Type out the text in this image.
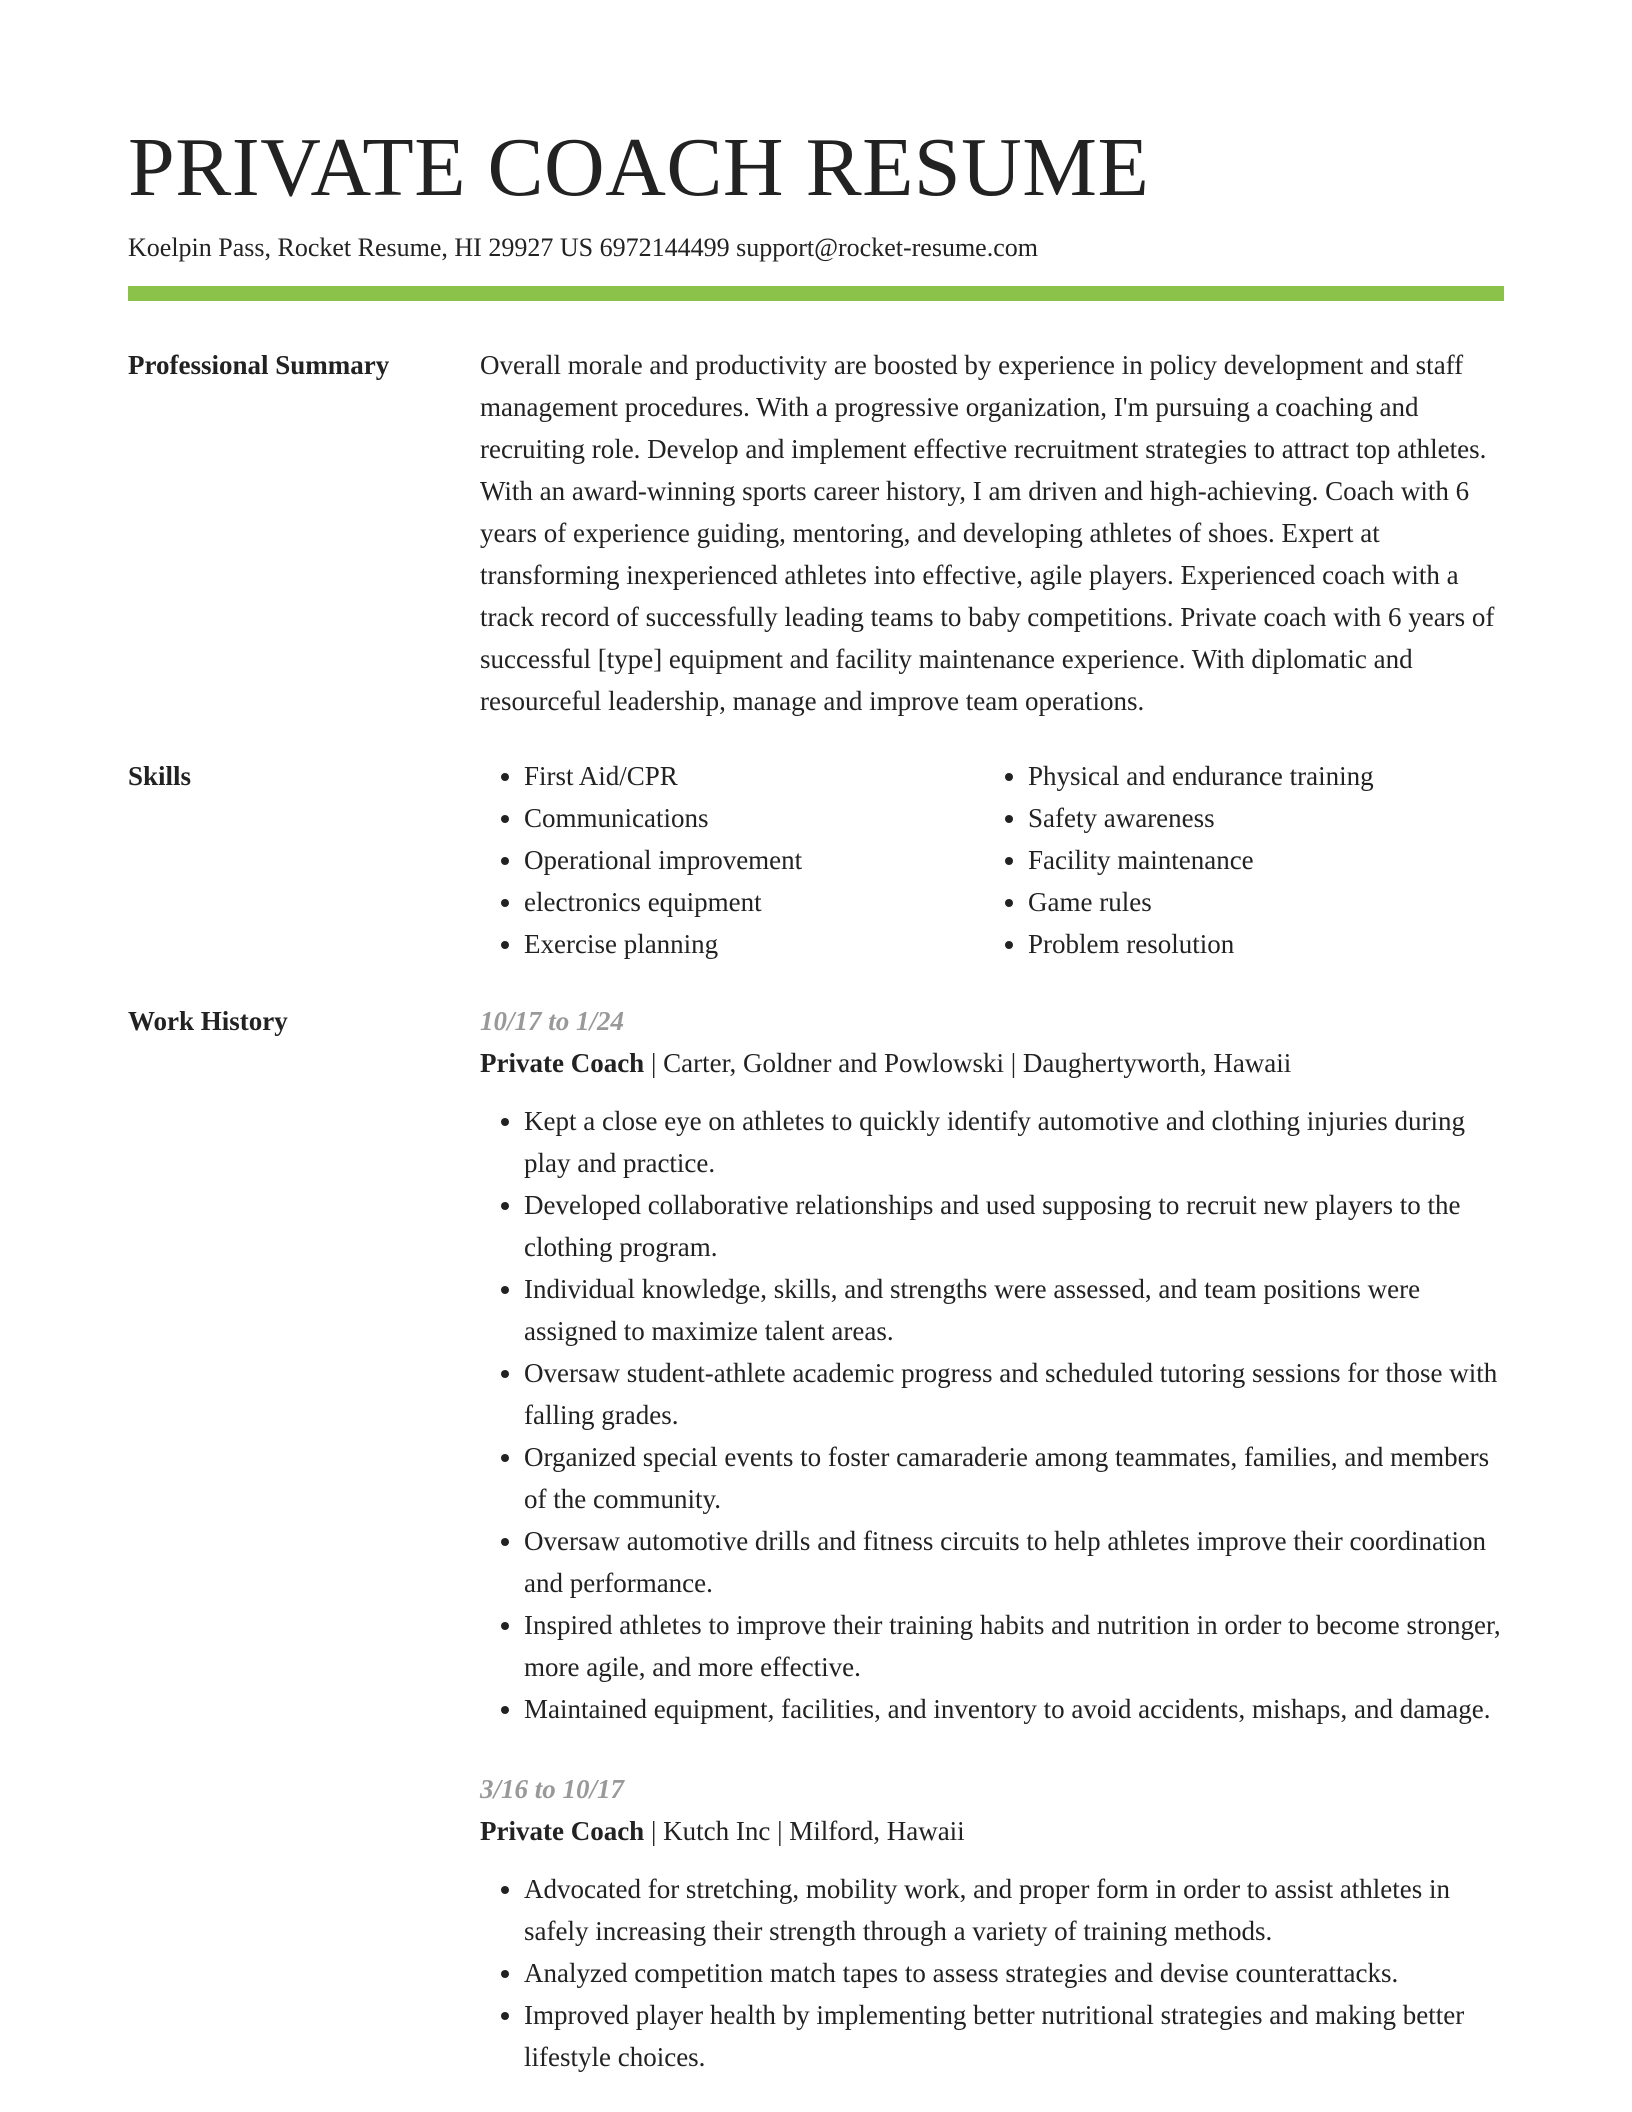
PRIVATE COACH RESUME
Koelpin Pass, Rocket Resume, HI 29927 US 6972144499 support@rocket-resume.com
Professional Summary	Overall morale and productivity are boosted by experience in policy development and staff management procedures. With a progressive organization, I'm pursuing a coaching and recruiting role. Develop and implement effective recruitment strategies to attract top athletes. With an award-winning sports career history, I am driven and high-achieving. Coach with 6 years of experience guiding, mentoring, and developing athletes of shoes. Expert at transforming inexperienced athletes into effective, agile players. Experienced coach with a track record of successfully leading teams to baby competitions. Private coach with 6 years of successful [type] equipment and facility maintenance experience. With diplomatic and resourceful leadership, manage and improve team operations.

Skills
•	First Aid/CPR
• Communications
• Operational improvement
• electronics equipment
• Exercise planning
• Physical and endurance training
• Safety awareness
• Facility maintenance
• Game rules
• Problem resolution
Work History	10/17 to 1/24
Private Coach | Carter, Goldner and Powlowski | Daughertyworth, Hawaii
• Kept a close eye on athletes to quickly identify automotive and clothing injuries during play and practice.
• Developed collaborative relationships and used supposing to recruit new players to the clothing program.
• Individual knowledge, skills, and strengths were assessed, and team positions were assigned to maximize talent areas.
• Oversaw student-athlete academic progress and scheduled tutoring sessions for those with falling grades.
• Organized special events to foster camaraderie among teammates, families, and members of the community.
• Oversaw automotive drills and fitness circuits to help athletes improve their coordination and performance.
• Inspired athletes to improve their training habits and nutrition in order to become stronger, more agile, and more effective.
• Maintained equipment, facilities, and inventory to avoid accidents, mishaps, and damage.
3/16 to 10/17
Private Coach | Kutch Inc | Milford, Hawaii
• Advocated for stretching, mobility work, and proper form in order to assist athletes in safely increasing their strength through a variety of training methods.
• Analyzed competition match tapes to assess strategies and devise counterattacks.
• Improved player health by implementing better nutritional strategies and making better lifestyle choices.
